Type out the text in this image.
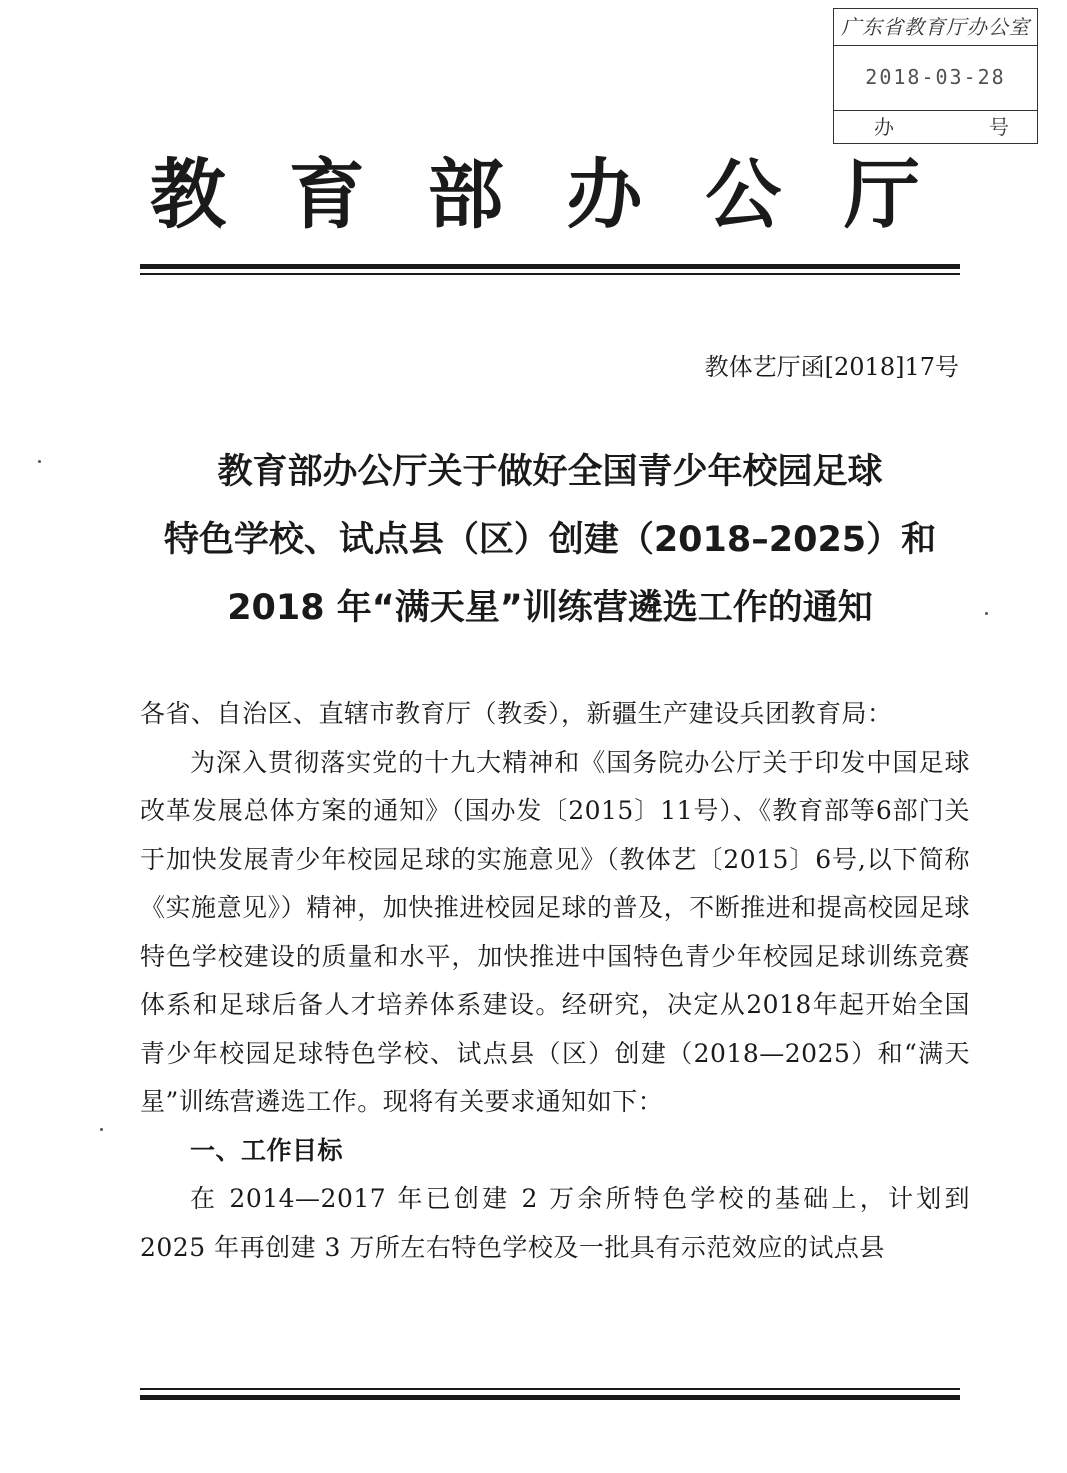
广东省教育厅办公室
2018-03-28
办	号
教 育 部 办 公 厅
教体艺厅函[2018]17号
教育部办公厅关于做好全国青少年校园足球
特色学校、试点县（区）创建（2018–2025）和
2018 年“满天星”训练营遴选工作的通知

各省、自治区、直辖市教育厅（教委），新疆生产建设兵团教育局：

为深入贯彻落实党的十九大精神和《国务院办公厅关于印发中国足球改革发展总体方案的通知》（国办发〔2015〕11号）、《教育部等6部门关于加快发展青少年校园足球的实施意见》（教体艺〔2015〕6号,以下简称《实施意见》）精神，加快推进校园足球的普及，不断推进和提高校园足球特色学校建设的质量和水平，加快推进中国特色青少年校园足球训练竞赛体系和足球后备人才培养体系建设。经研究，决定从2018年起开始全国青少年校园足球特色学校、试点县（区）创建（2018—2025）和“满天星”训练营遴选工作。现将有关要求通知如下：

一、工作目标

在 2014—2017 年已创建 2 万余所特色学校的基础上，计划到 2025 年再创建 3 万所左右特色学校及一批具有示范效应的试点县
